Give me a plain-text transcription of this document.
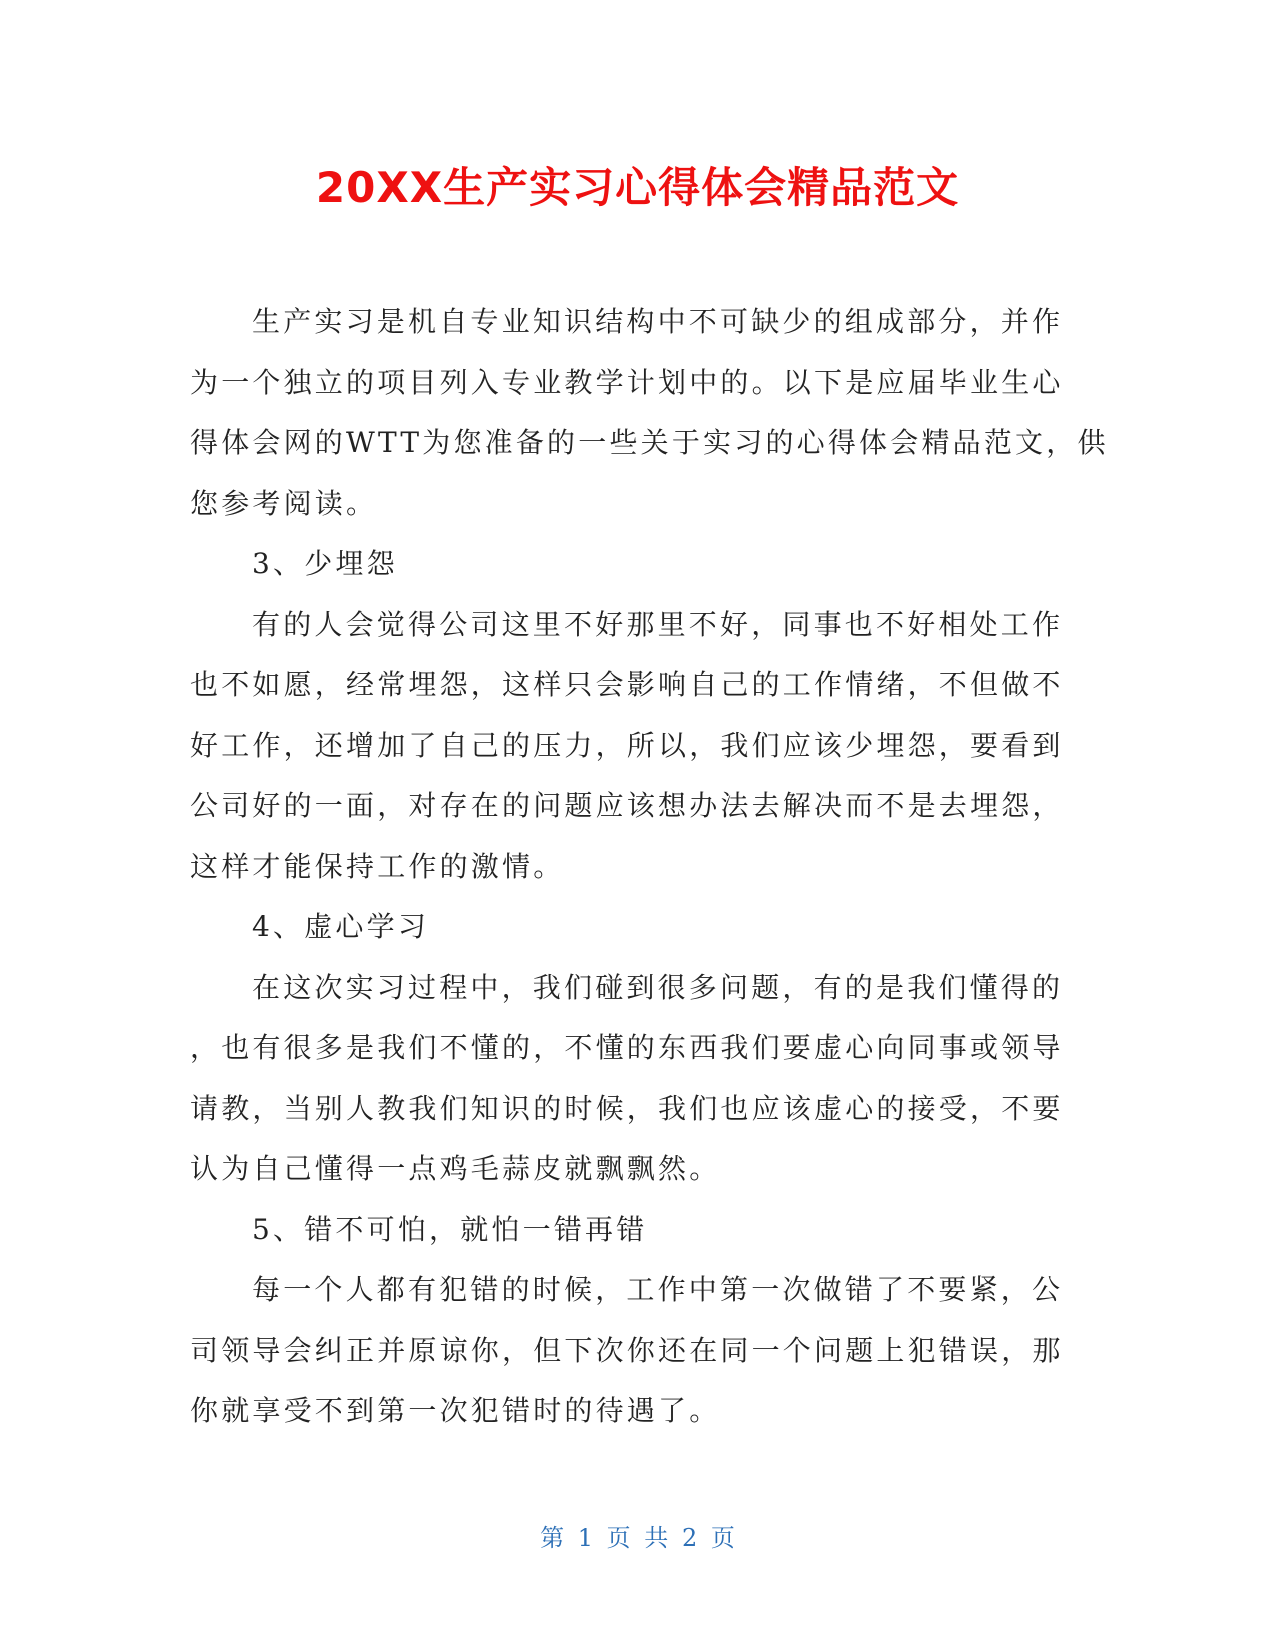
20XX生产实习心得体会精品范文

生产实习是机自专业知识结构中不可缺少的组成部分，并作
为一个独立的项目列入专业教学计划中的。以下是应届毕业生心
得体会网的WTT为您准备的一些关于实习的心得体会精品范文，供
您参考阅读。

3、少埋怨

有的人会觉得公司这里不好那里不好，同事也不好相处工作
也不如愿，经常埋怨，这样只会影响自己的工作情绪，不但做不
好工作，还增加了自己的压力，所以，我们应该少埋怨，要看到
公司好的一面，对存在的问题应该想办法去解决而不是去埋怨，
这样才能保持工作的激情。

4、虚心学习

在这次实习过程中，我们碰到很多问题，有的是我们懂得的
，也有很多是我们不懂的，不懂的东西我们要虚心向同事或领导
请教，当别人教我们知识的时候，我们也应该虚心的接受，不要
认为自己懂得一点鸡毛蒜皮就飘飘然。

5、错不可怕，就怕一错再错

每一个人都有犯错的时候，工作中第一次做错了不要紧，公
司领导会纠正并原谅你，但下次你还在同一个问题上犯错误，那
你就享受不到第一次犯错时的待遇了。

第 1 页 共 2 页
